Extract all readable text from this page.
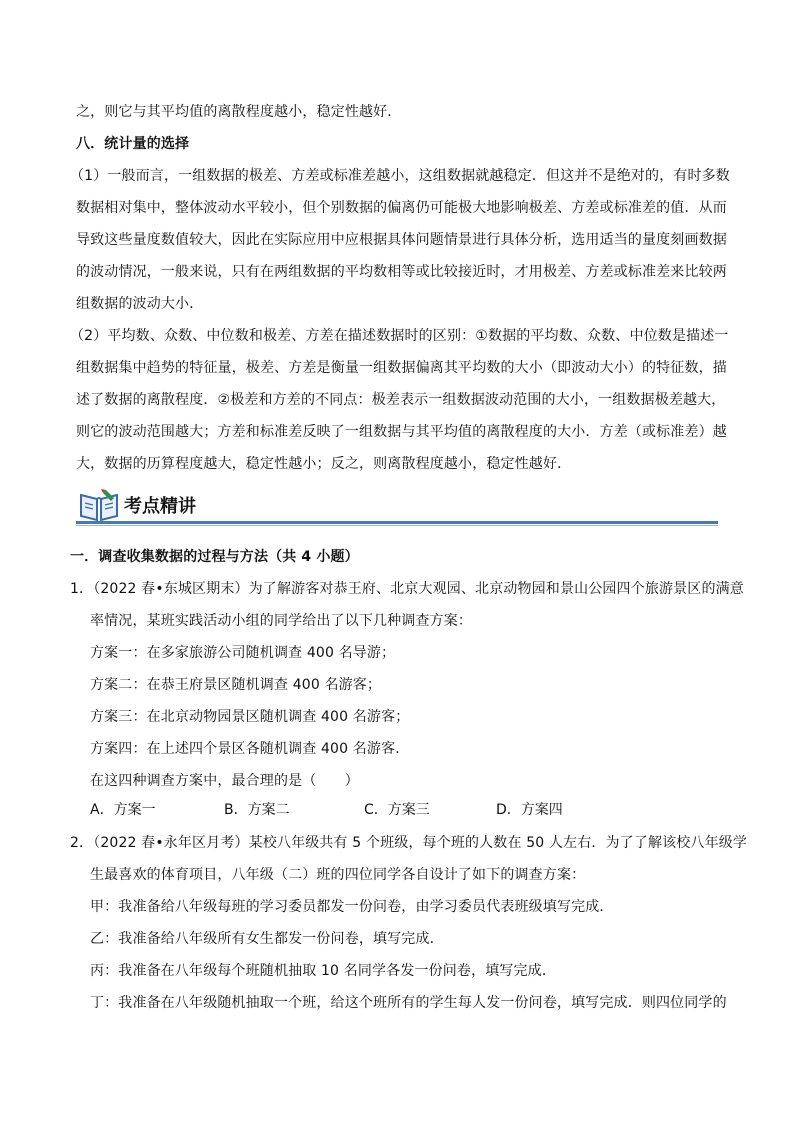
之，则它与其平均值的离散程度越小，稳定性越好．
八．统计量的选择
（1）一般而言，一组数据的极差、方差或标准差越小，这组数据就越稳定．但这并不是绝对的，有时多数
数据相对集中，整体波动水平较小，但个别数据的偏离仍可能极大地影响极差、方差或标准差的值．从而
导致这些量度数值较大，因此在实际应用中应根据具体问题情景进行具体分析，选用适当的量度刻画数据
的波动情况，一般来说，只有在两组数据的平均数相等或比较接近时，才用极差、方差或标准差来比较两
组数据的波动大小．
（2）平均数、众数、中位数和极差、方差在描述数据时的区别：①数据的平均数、众数、中位数是描述一
组数据集中趋势的特征量，极差、方差是衡量一组数据偏离其平均数的大小（即波动大小）的特征数，描
述了数据的离散程度．②极差和方差的不同点：极差表示一组数据波动范围的大小，一组数据极差越大，
则它的波动范围越大；方差和标准差反映了一组数据与其平均值的离散程度的大小．方差（或标准差）越
大，数据的历算程度越大，稳定性越小；反之，则离散程度越小，稳定性越好．
考点精讲
一．调查收集数据的过程与方法（共 4 小题）
1．（2022 春•东城区期末）为了解游客对恭王府、北京大观园、北京动物园和景山公园四个旅游景区的满意
率情况，某班实践活动小组的同学给出了以下几种调查方案：
方案一：在多家旅游公司随机调查 400 名导游；
方案二：在恭王府景区随机调查 400 名游客；
方案三：在北京动物园景区随机调查 400 名游客；
方案四：在上述四个景区各随机调查 400 名游客．
在这四种调查方案中，最合理的是（　　）
A．方案一	B．方案二	C．方案三	D．方案四
2．（2022 春•永年区月考）某校八年级共有 5 个班级，每个班的人数在 50 人左右．为了了解该校八年级学
生最喜欢的体育项目，八年级（二）班的四位同学各自设计了如下的调查方案：
甲：我准备给八年级每班的学习委员都发一份问卷，由学习委员代表班级填写完成．
乙：我准备给八年级所有女生都发一份问卷，填写完成．
丙：我准备在八年级每个班随机抽取 10 名同学各发一份问卷，填写完成．
丁：我准备在八年级随机抽取一个班，给这个班所有的学生每人发一份问卷，填写完成．则四位同学的
